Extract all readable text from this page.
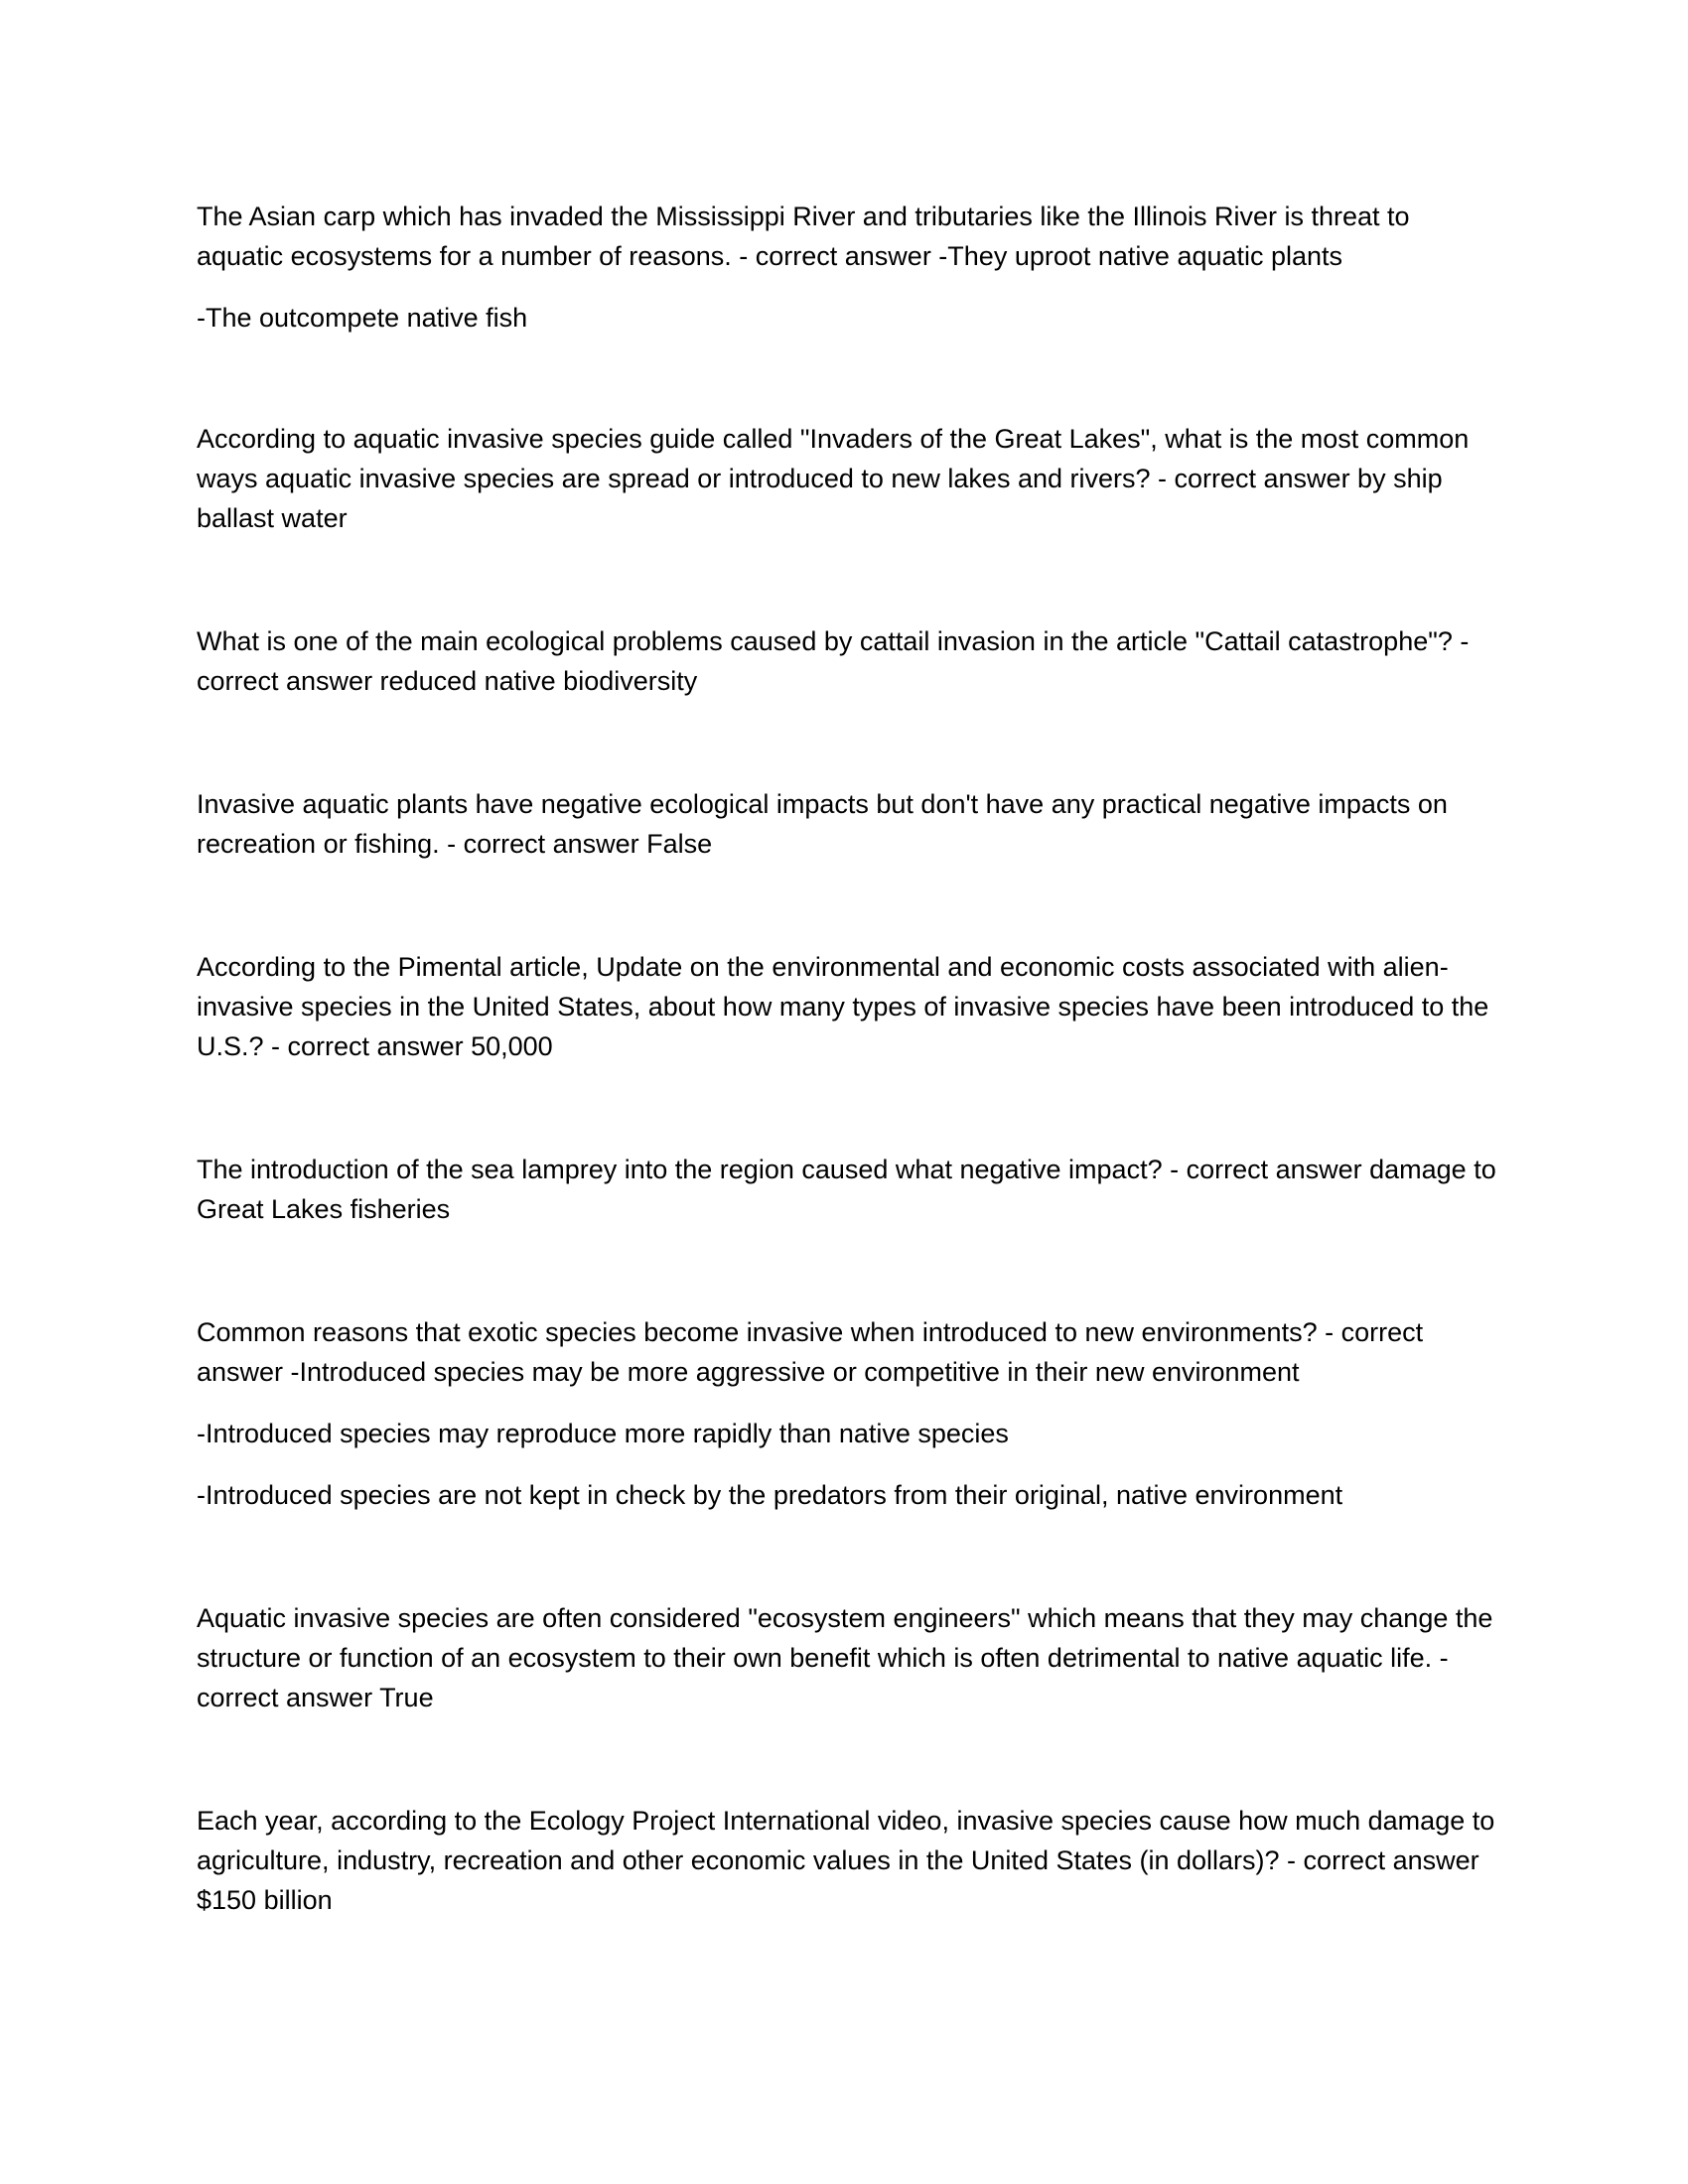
The Asian carp which has invaded the Mississippi River and tributaries like the Illinois River is threat to aquatic ecosystems for a number of reasons. - correct answer -They uproot native aquatic plants

-The outcompete native fish

According to aquatic invasive species guide called "Invaders of the Great Lakes", what is the most common ways aquatic invasive species are spread or introduced to new lakes and rivers? - correct answer by ship ballast water

What is one of the main ecological problems caused by cattail invasion in the article "Cattail catastrophe"? - correct answer reduced native biodiversity

Invasive aquatic plants have negative ecological impacts but don't have any practical negative impacts on recreation or fishing. - correct answer False

According to the Pimental article, Update on the environmental and economic costs associated with alien-invasive species in the United States, about how many types of invasive species have been introduced to the U.S.? - correct answer 50,000

The introduction of the sea lamprey into the region caused what negative impact? - correct answer damage to Great Lakes fisheries

Common reasons that exotic species become invasive when introduced to new environments? - correct answer -Introduced species may be more aggressive or competitive in their new environment

-Introduced species may reproduce more rapidly than native species

-Introduced species are not kept in check by the predators from their original, native environment

Aquatic invasive species are often considered "ecosystem engineers" which means that they may change the structure or function of an ecosystem to their own benefit which is often detrimental to native aquatic life. - correct answer True

Each year, according to the Ecology Project International video, invasive species cause how much damage to agriculture, industry, recreation and other economic values in the United States (in dollars)? - correct answer $150 billion
